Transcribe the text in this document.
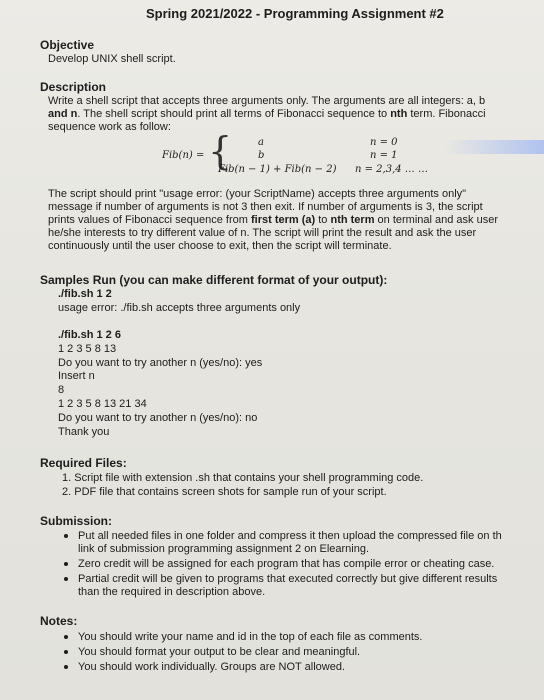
Spring 2021/2022 - Programming Assignment #2
Objective
Develop UNIX shell script.
Description
Write a shell script that accepts three arguments only. The arguments are all integers: a, b
and n. The shell script should print all terms of Fibonacci sequence to nth term. Fibonacci
sequence work as follow:
Fib(n) = {	a
b
Fib(n − 1) + Fib(n − 2)
n = 0
n = 1
n = 2,3,4 … …
The script should print "usage error: (your ScriptName) accepts three arguments only"
message if number of arguments is not 3 then exit. If number of arguments is 3, the script
prints values of Fibonacci sequence from first term (a) to nth term on terminal and ask user
he/she interests to try different value of n. The script will print the result and ask the user
continuously until the user choose to exit, then the script will terminate.
Samples Run (you can make different format of your output):
./fib.sh 1 2
usage error: ./fib.sh accepts three arguments only
./fib.sh 1 2 6
1 2 3 5 8 13
Do you want to try another n (yes/no): yes
Insert n
8
1 2 3 5 8 13 21 34
Do you want to try another n (yes/no): no
Thank you
Required Files:
1. Script file with extension .sh that contains your shell programming code.
2. PDF file that contains screen shots for sample run of your script.
Submission:
Put all needed files in one folder and compress it then upload the compressed file on th
link of submission programming assignment 2 on Elearning.
Zero credit will be assigned for each program that has compile error or cheating case.
Partial credit will be given to programs that executed correctly but give different results
than the required in description above.
Notes:
You should write your name and id in the top of each file as comments.
You should format your output to be clear and meaningful.
You should work individually. Groups are NOT allowed.
